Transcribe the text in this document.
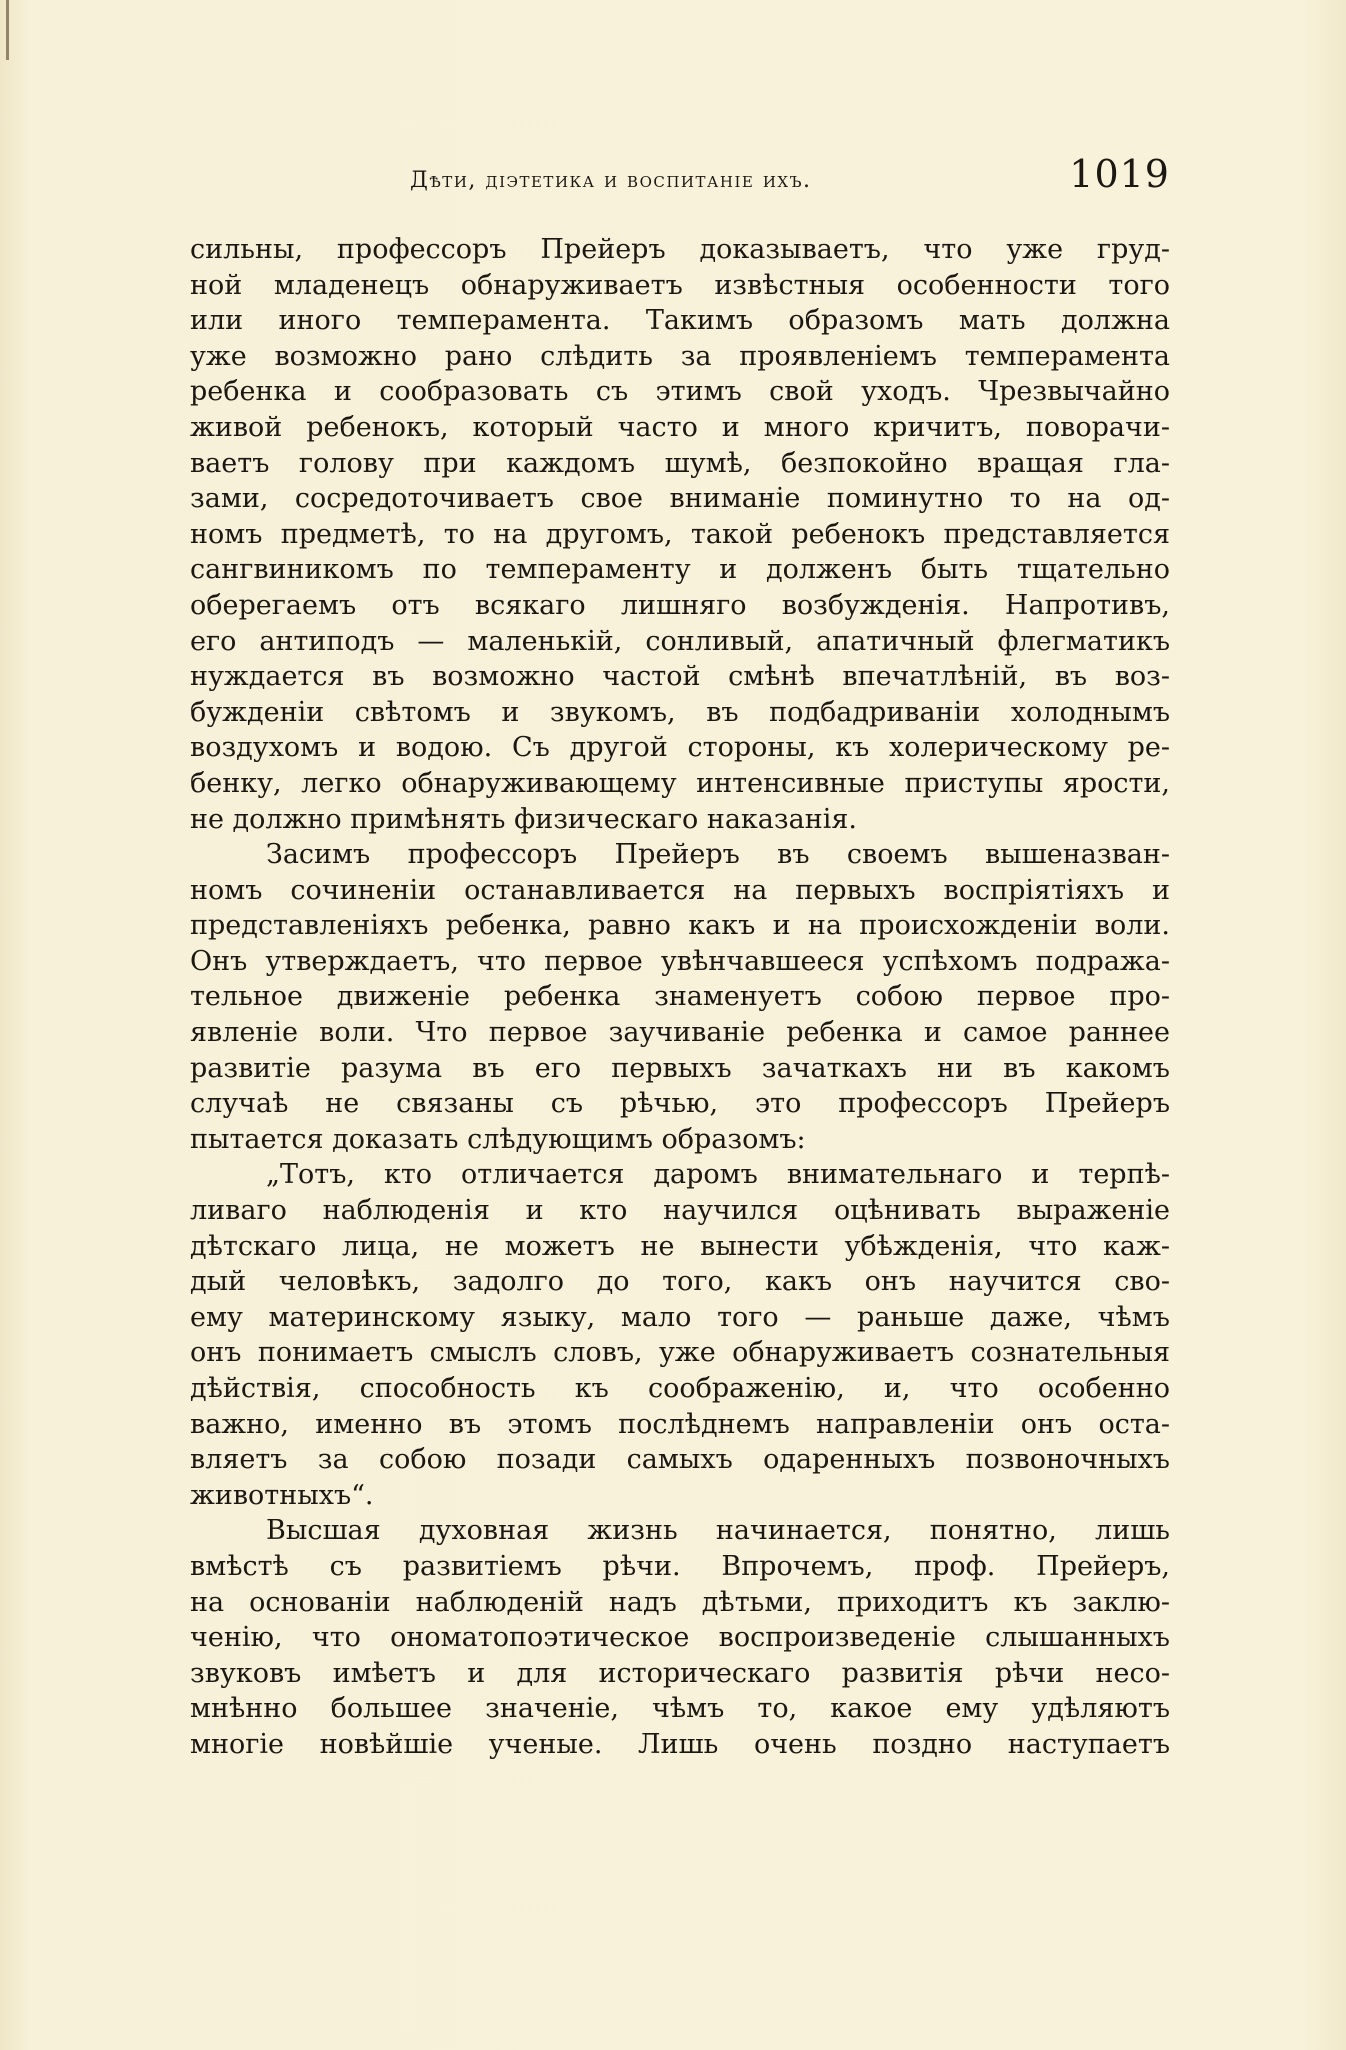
Дѣти, діэтетика и воспитаніе ихъ.	1019
сильны, профессоръ Прейеръ доказываетъ, что уже груд-
ной младенецъ обнаруживаетъ извѣстныя особенности того
или иного темперамента. Такимъ образомъ мать должна
уже возможно рано слѣдить за проявленіемъ темперамента
ребенка и сообразовать съ этимъ свой уходъ. Чрезвычайно
живой ребенокъ, который часто и много кричитъ, поворачи-
ваетъ голову при каждомъ шумѣ, безпокойно вращая гла-
зами, сосредоточиваетъ свое вниманіе поминутно то на од-
номъ предметѣ, то на другомъ, такой ребенокъ представляется
сангвиникомъ по темпераменту и долженъ быть тщательно
оберегаемъ отъ всякаго лишняго возбужденія. Напротивъ,
его антиподъ — маленькій, сонливый, апатичный флегматикъ
нуждается въ возможно частой смѣнѣ впечатлѣній, въ воз-
бужденіи свѣтомъ и звукомъ, въ подбадриваніи холоднымъ
воздухомъ и водою. Съ другой стороны, къ холерическому ре-
бенку, легко обнаруживающему интенсивные приступы ярости,
не должно примѣнять физическаго наказанія.
Засимъ профессоръ Прейеръ въ своемъ вышеназван-
номъ сочиненіи останавливается на первыхъ воспріятіяхъ и
представленіяхъ ребенка, равно какъ и на происхожденіи воли.
Онъ утверждаетъ, что первое увѣнчавшееся успѣхомъ подража-
тельное движеніе ребенка знаменуетъ собою первое про-
явленіе воли. Что первое заучиваніе ребенка и самое раннее
развитіе разума въ его первыхъ зачаткахъ ни въ какомъ
случаѣ не связаны съ рѣчью, это профессоръ Прейеръ
пытается доказать слѣдующимъ образомъ:
„Тотъ, кто отличается даромъ внимательнаго и терпѣ-
ливаго наблюденія и кто научился оцѣнивать выраженіе
дѣтскаго лица, не можетъ не вынести убѣжденія, что каж-
дый человѣкъ, задолго до того, какъ онъ научится сво-
ему материнскому языку, мало того — раньше даже, чѣмъ
онъ понимаетъ смыслъ словъ, уже обнаруживаетъ сознательныя
дѣйствія, способность къ соображенію, и, что особенно
важно, именно въ этомъ послѣднемъ направленіи онъ оста-
вляетъ за собою позади самыхъ одаренныхъ позвоночныхъ
животныхъ“.
Высшая духовная жизнь начинается, понятно, лишь
вмѣстѣ съ развитіемъ рѣчи. Впрочемъ, проф. Прейеръ,
на основаніи наблюденій надъ дѣтьми, приходитъ къ заклю-
ченію, что ономатопоэтическое воспроизведеніе слышанныхъ
звуковъ имѣетъ и для историческаго развитія рѣчи несо-
мнѣнно большее значеніе, чѣмъ то, какое ему удѣляютъ
многіе новѣйшіе ученые. Лишь очень поздно наступаетъ
